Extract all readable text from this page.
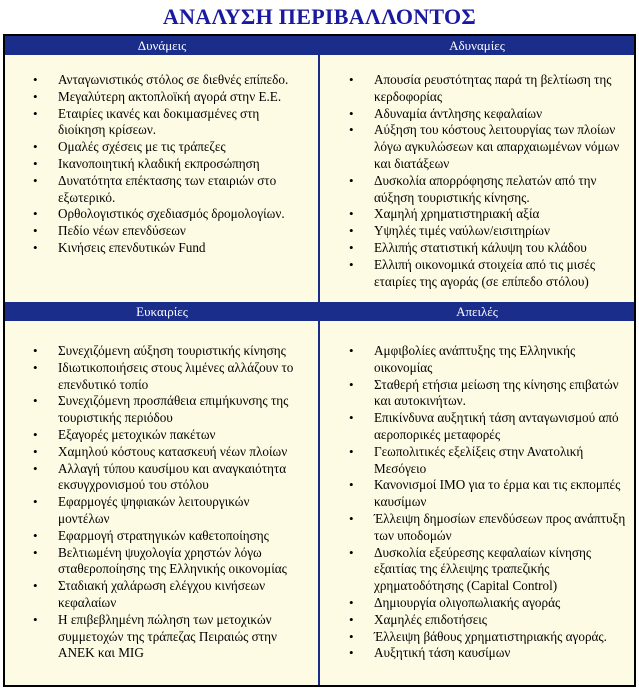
ΑΝΑΛΥΣΗ ΠΕΡΙΒΑΛΛΟΝΤΟΣ
Δυνάμεις	Αδυναμίες
• Ανταγωνιστικός στόλος σε διεθνές επίπεδο.
• Μεγαλύτερη ακτοπλοϊκή αγορά στην Ε.Ε.
• Εταιρίες ικανές και δοκιμασμένες στη διοίκηση κρίσεων.
• Ομαλές σχέσεις με τις τράπεζες
• Ικανοποιητική κλαδική εκπροσώπηση
• Δυνατότητα επέκτασης των εταιριών στο εξωτερικό.
• Ορθολογιστικός σχεδιασμός δρομολογίων.
• Πεδίο νέων επενδύσεων
• Κινήσεις επενδυτικών Fund
• Απουσία ρευστότητας παρά τη βελτίωση της κερδοφορίας
• Αδυναμία άντλησης κεφαλαίων
• Αύξηση του κόστους λειτουργίας των πλοίων λόγω αγκυλώσεων και απαρχαιωμένων νόμων και διατάξεων
• Δυσκολία απορρόφησης πελατών από την αύξηση τουριστικής κίνησης.
• Χαμηλή χρηματιστηριακή αξία
• Υψηλές τιμές ναύλων/εισιτηρίων
• Ελλιπής στατιστική κάλυψη του κλάδου
• Ελλιπή οικονομικά στοιχεία από τις μισές εταιρίες της αγοράς (σε επίπεδο στόλου)
Ευκαιρίες	Απειλές
• Συνεχιζόμενη αύξηση τουριστικής κίνησης
• Ιδιωτικοποιήσεις στους λιμένες αλλάζουν το επενδυτικό τοπίο
• Συνεχιζόμενη προσπάθεια επιμήκυνσης της τουριστικής περιόδου
• Εξαγορές μετοχικών πακέτων
• Χαμηλού κόστους κατασκευή νέων πλοίων
• Αλλαγή τύπου καυσίμου και αναγκαιότητα εκσυγχρονισμού του στόλου
• Εφαρμογές ψηφιακών λειτουργικών μοντέλων
• Εφαρμογή στρατηγικών καθετοποίησης
• Βελτιωμένη ψυχολογία χρηστών λόγω σταθεροποίησης της Ελληνικής οικονομίας
• Σταδιακή χαλάρωση ελέγχου κινήσεων κεφαλαίων
• Η επιβεβλημένη πώληση των μετοχικών συμμετοχών της τράπεζας Πειραιώς στην ΑΝΕΚ και MIG
• Αμφιβολίες ανάπτυξης της Ελληνικής οικονομίας
• Σταθερή ετήσια μείωση της κίνησης επιβατών και αυτοκινήτων.
• Επικίνδυνα αυξητική τάση ανταγωνισμού από αεροπορικές μεταφορές
• Γεωπολιτικές εξελίξεις στην Ανατολική Μεσόγειο
• Κανονισμοί IMO για το έρμα και τις εκπομπές καυσίμων
• Έλλειψη δημοσίων επενδύσεων προς ανάπτυξη των υποδομών
• Δυσκολία εξεύρεσης κεφαλαίων κίνησης εξαιτίας της έλλειψης τραπεζικής χρηματοδότησης (Capital Control)
• Δημιουργία ολιγοπωλιακής αγοράς
• Χαμηλές επιδοτήσεις
• Έλλειψη βάθους χρηματιστηριακής αγοράς.
• Αυξητική τάση καυσίμων
